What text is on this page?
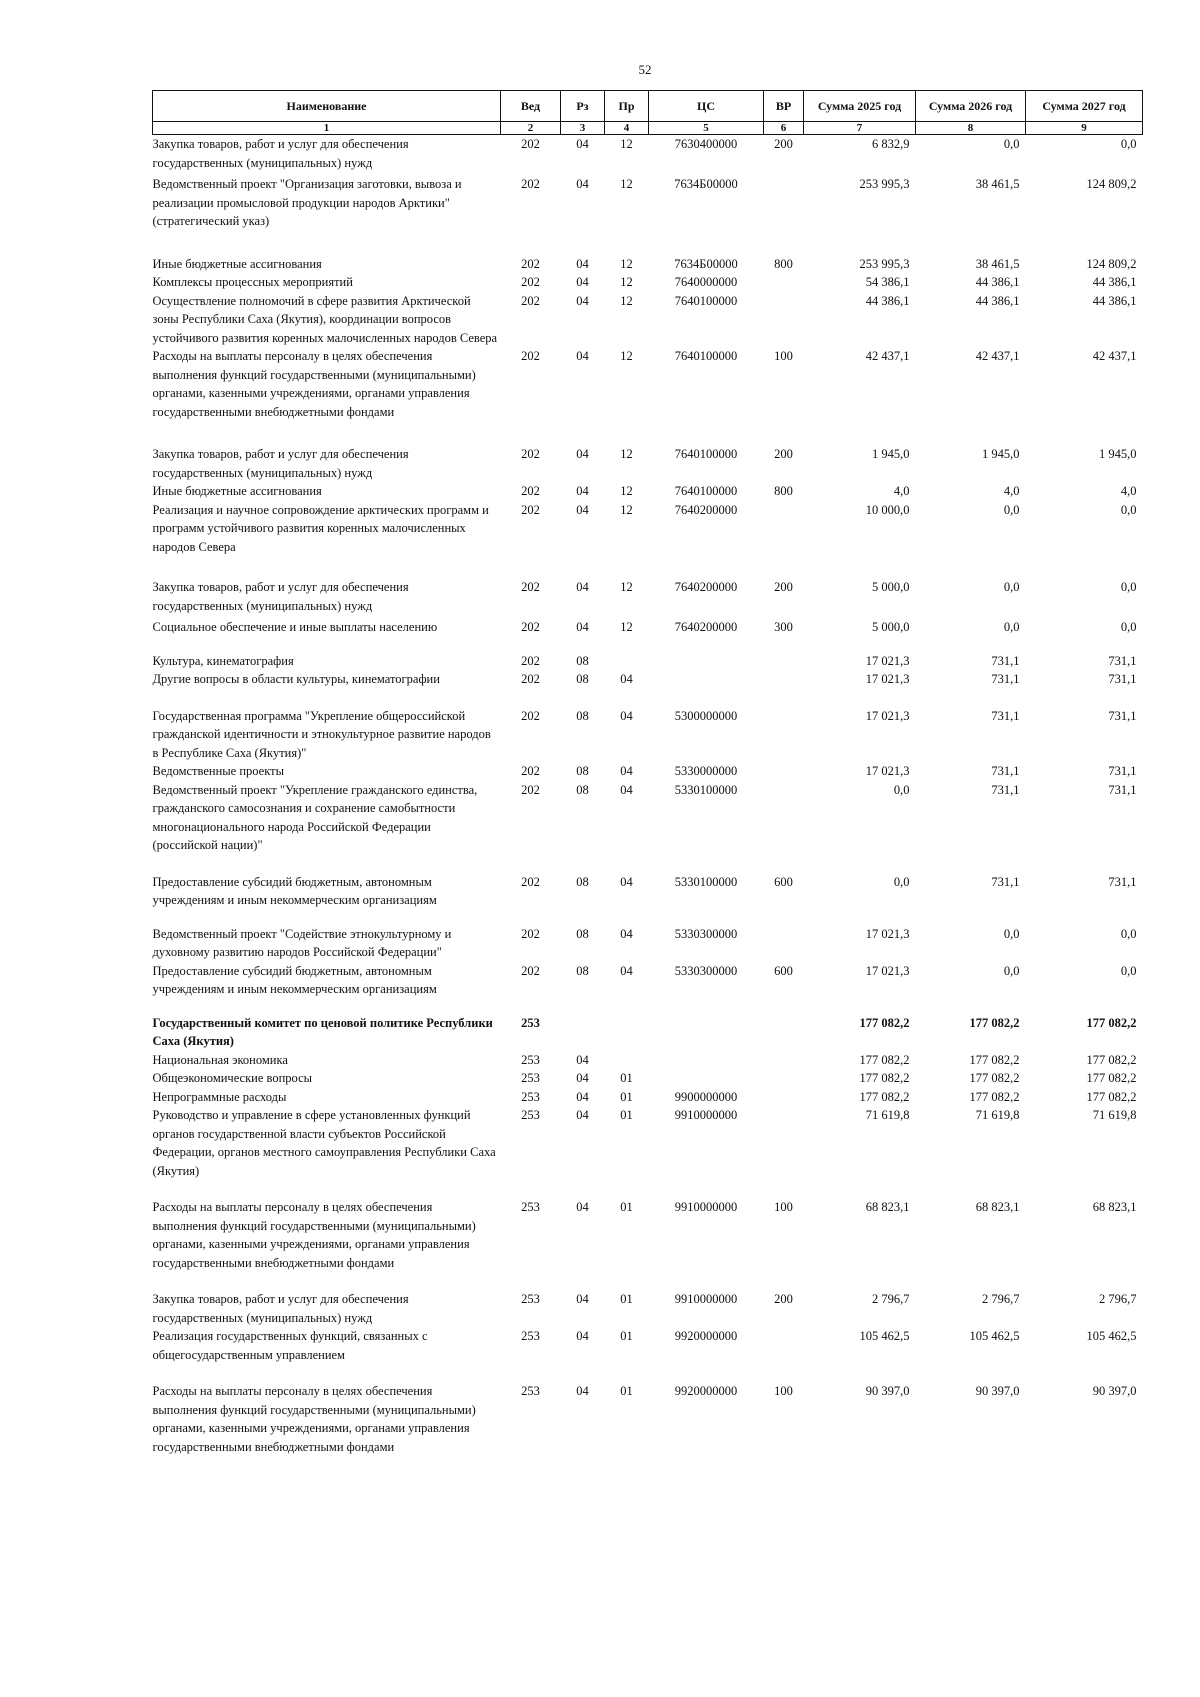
52
Наименование	Вед	Рз	Пр	ЦС	ВР	Сумма 2025 год	Сумма 2026 год	Сумма 2027 год
1	2	3	4	5	6	7	8	9
Закупка товаров, работ и услуг для обеспечения государственных (муниципальных) нужд	202	04	12	7630400000	200	6 832,9	0,0	0,0
Ведомственный проект "Организация заготовки, вывоза и реализации промысловой продукции народов Арктики" (стратегический указ)	202	04	12	7634Б00000		253 995,3	38 461,5	124 809,2
Иные бюджетные ассигнования	202	04	12	7634Б00000	800	253 995,3	38 461,5	124 809,2
Комплексы процессных мероприятий	202	04	12	7640000000		54 386,1	44 386,1	44 386,1
Осуществление полномочий в сфере развития Арктической зоны Республики Саха (Якутия), координации вопросов устойчивого развития коренных малочисленных народов Севера	202	04	12	7640100000		44 386,1	44 386,1	44 386,1
Расходы на выплаты персоналу в целях обеспечения выполнения функций государственными (муниципальными) органами, казенными учреждениями, органами управления государственными внебюджетными фондами	202	04	12	7640100000	100	42 437,1	42 437,1	42 437,1
Закупка товаров, работ и услуг для обеспечения государственных (муниципальных) нужд	202	04	12	7640100000	200	1 945,0	1 945,0	1 945,0
Иные бюджетные ассигнования	202	04	12	7640100000	800	4,0	4,0	4,0
Реализация и научное сопровождение арктических программ и программ устойчивого развития коренных малочисленных народов Севера	202	04	12	7640200000		10 000,0	0,0	0,0
Закупка товаров, работ и услуг для обеспечения государственных (муниципальных) нужд	202	04	12	7640200000	200	5 000,0	0,0	0,0
Социальное обеспечение и иные выплаты населению	202	04	12	7640200000	300	5 000,0	0,0	0,0
Культура, кинематография	202	08				17 021,3	731,1	731,1
Другие вопросы в области культуры, кинематографии	202	08	04			17 021,3	731,1	731,1
Государственная программа "Укрепление общероссийской гражданской идентичности и этнокультурное развитие народов в Республике Саха (Якутия)"	202	08	04	5300000000		17 021,3	731,1	731,1
Ведомственные проекты	202	08	04	5330000000		17 021,3	731,1	731,1
Ведомственный проект "Укрепление гражданского единства, гражданского самосознания и сохранение самобытности многонационального народа Российской Федерации (российской нации)"	202	08	04	5330100000		0,0	731,1	731,1
Предоставление субсидий бюджетным, автономным учреждениям и иным некоммерческим организациям	202	08	04	5330100000	600	0,0	731,1	731,1
Ведомственный проект "Содействие этнокультурному и духовному развитию народов Российской Федерации"	202	08	04	5330300000		17 021,3	0,0	0,0
Предоставление субсидий бюджетным, автономным учреждениям и иным некоммерческим организациям	202	08	04	5330300000	600	17 021,3	0,0	0,0
Государственный комитет по ценовой политике Республики Саха (Якутия)	253					177 082,2	177 082,2	177 082,2
Национальная экономика	253	04				177 082,2	177 082,2	177 082,2
Общеэкономические вопросы	253	04	01			177 082,2	177 082,2	177 082,2
Непрограммные расходы	253	04	01	9900000000		177 082,2	177 082,2	177 082,2
Руководство и управление в сфере установленных функций органов государственной власти субъектов Российской Федерации, органов местного самоуправления Республики Саха (Якутия)	253	04	01	9910000000		71 619,8	71 619,8	71 619,8
Расходы на выплаты персоналу в целях обеспечения выполнения функций государственными (муниципальными) органами, казенными учреждениями, органами управления государственными внебюджетными фондами	253	04	01	9910000000	100	68 823,1	68 823,1	68 823,1
Закупка товаров, работ и услуг для обеспечения государственных (муниципальных) нужд	253	04	01	9910000000	200	2 796,7	2 796,7	2 796,7
Реализация государственных функций, связанных с общегосударственным управлением	253	04	01	9920000000		105 462,5	105 462,5	105 462,5
Расходы на выплаты персоналу в целях обеспечения выполнения функций государственными (муниципальными) органами, казенными учреждениями, органами управления государственными внебюджетными фондами	253	04	01	9920000000	100	90 397,0	90 397,0	90 397,0
